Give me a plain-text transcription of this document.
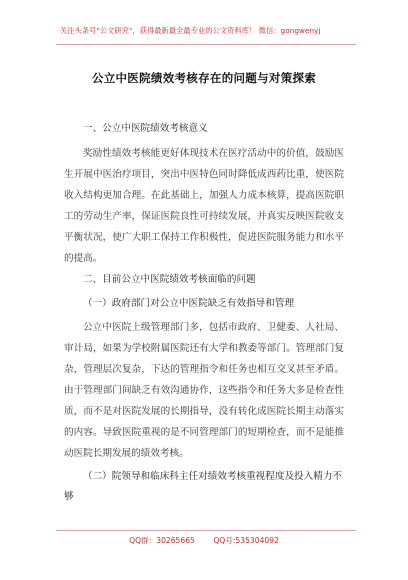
关注头条号"公文研究"，获得最新最全最专业的公文资料库！ 微信：gongwenyj
公立中医院绩效考核存在的问题与对策探索
一、公立中医院绩效考核意义

奖励性绩效考核能更好体现技术在医疗活动中的价值，鼓励医生开展中医治疗项目，突出中医特色同时降低成西药比重，使医院收入结构更加合理。在此基础上，加强人力成本核算，提高医院职工的劳动生产率，保证医院良性可持续发展，并真实反映医院收支平衡状况，使广大职工保持工作积极性，促进医院服务能力和水平的提高。

二、目前公立中医院绩效考核面临的问题
（一）政府部门对公立中医院缺乏有效指导和管理

公立中医院上级管理部门多，包括市政府、卫健委、人社局、审计局，如果为学校附属医院还有大学和教委等部门。管理部门复杂，管理层次复杂，下达的管理指令和任务也相互交叉甚至矛盾。由于管理部门间缺乏有效沟通协作，这些指令和任务大多是检查性质，而不是对医院发展的长期指导，没有转化成医院长期主动落实的内容。导致医院重视的是不同管理部门的短期检查，而不是能推动医院长期发展的绩效考核。

（二）院领导和临床科主任对绩效考核重视程度及投入精力不够
QQ群：30265665 QQ号:535304092
